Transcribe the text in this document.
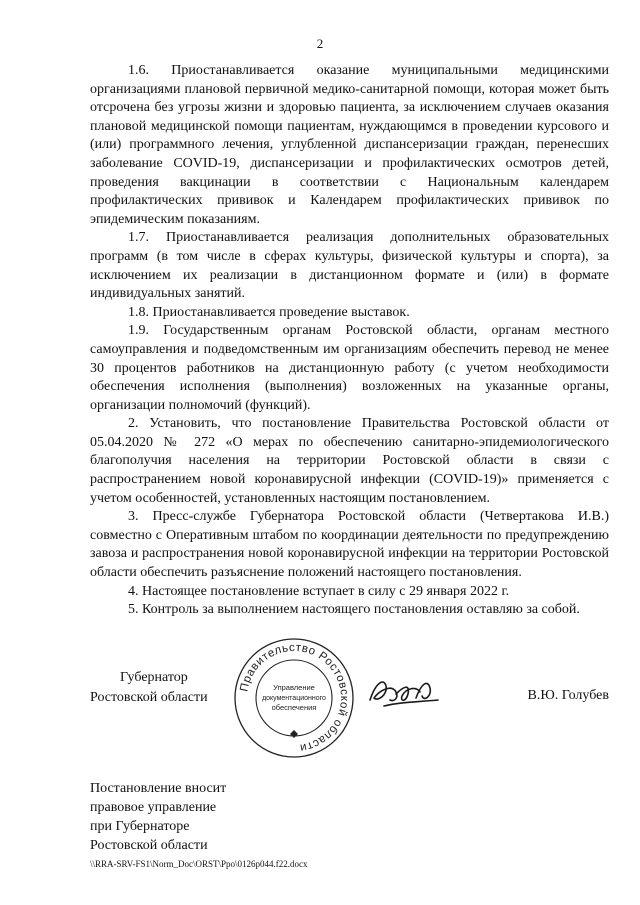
2

1.6. Приостанавливается оказание муниципальными медицинскими организациями плановой первичной медико-санитарной помощи, которая может быть отсрочена без угрозы жизни и здоровью пациента, за исключением случаев оказания плановой медицинской помощи пациентам, нуждающимся в проведении курсового и (или) программного лечения, углубленной диспансеризации граждан, перенесших заболевание COVID-19, диспансеризации и профилактических осмотров детей, проведения вакцинации в соответствии с Национальным календарем профилактических прививок и Календарем профилактических прививок по эпидемическим показаниям.

1.7. Приостанавливается реализация дополнительных образовательных программ (в том числе в сферах культуры, физической культуры и спорта), за исключением их реализации в дистанционном формате и (или) в формате индивидуальных занятий.

1.8. Приостанавливается проведение выставок.

1.9. Государственным органам Ростовской области, органам местного самоуправления и подведомственным им организациям обеспечить перевод не менее 30 процентов работников на дистанционную работу (с учетом необходимости обеспечения исполнения (выполнения) возложенных на указанные органы, организации полномочий (функций).

2. Установить, что постановление Правительства Ростовской области от 05.04.2020 № 272 «О мерах по обеспечению санитарно-эпидемиологического благополучия населения на территории Ростовской области в связи с распространением новой коронавирусной инфекции (COVID-19)» применяется с учетом особенностей, установленных настоящим постановлением.

3. Пресс-службе Губернатора Ростовской области (Четвертакова И.В.) совместно с Оперативным штабом по координации деятельности по предупреждению завоза и распространения новой коронавирусной инфекции на территории Ростовской области обеспечить разъяснение положений настоящего постановления.

4. Настоящее постановление вступает в силу с 29 января 2022 г.

5. Контроль за выполнением настоящего постановления оставляю за собой.

Губернатор
Ростовской области
Правительство Ростовской области
Управление
документационного
обеспечения
В.Ю. Голубев
Постановление вносит
правовое управление
при Губернаторе
Ростовской области
\\RRA-SRV-FS1\Norm_Doc\ORST\Ppo\0126p044.f22.docx
